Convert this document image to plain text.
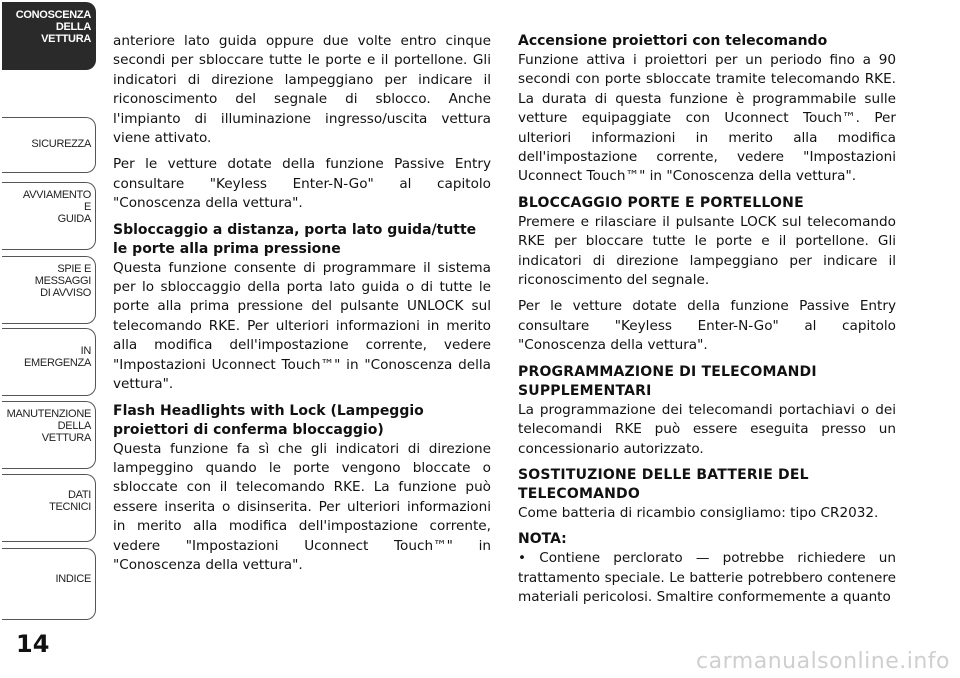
CONOSCENZA
DELLA
VETTURA
SICUREZZA
AVVIAMENTO
E
GUIDA
SPIE E
MESSAGGI
DI AVVISO
IN
EMERGENZA
MANUTENZIONE
DELLA
VETTURA
DATI
TECNICI
INDICE
14

anteriore lato guida oppure due volte entro cinque secondi per sbloccare tutte le porte e il portellone. Gli indicatori di direzione lampeggiano per indicare il riconoscimento del segnale di sblocco. Anche l'impianto di illuminazione ingresso/uscita vettura viene attivato.

Per le vetture dotate della funzione Passive Entry consultare "Keyless Enter-N-Go" al capitolo "Conoscenza della vettura".

Sbloccaggio a distanza, porta lato guida/tutte le porte alla prima pressione

Questa funzione consente di programmare il sistema per lo sbloccaggio della porta lato guida o di tutte le porte alla prima pressione del pulsante UNLOCK sul telecomando RKE. Per ulteriori informazioni in merito alla modifica dell'impostazione corrente, vedere "Impostazioni Uconnect Touch™" in "Conoscenza della vettura".

Flash Headlights with Lock (Lampeggio proiettori di conferma bloccaggio)

Questa funzione fa sì che gli indicatori di direzione lampeggino quando le porte vengono bloccate o sbloccate con il telecomando RKE. La funzione può essere inserita o disinserita. Per ulteriori informazioni in merito alla modifica dell'impostazione corrente, vedere "Impostazioni Uconnect Touch™" in "Conoscenza della vettura".

Accensione proiettori con telecomando

Funzione attiva i proiettori per un periodo fino a 90 secondi con porte sbloccate tramite telecomando RKE. La durata di questa funzione è programmabile sulle vetture equipaggiate con Uconnect Touch™. Per ulteriori informazioni in merito alla modifica dell'impostazione corrente, vedere "Impostazioni Uconnect Touch™" in "Conoscenza della vettura".

BLOCCAGGIO PORTE E PORTELLONE

Premere e rilasciare il pulsante LOCK sul telecomando RKE per bloccare tutte le porte e il portellone. Gli indicatori di direzione lampeggiano per indicare il riconoscimento del segnale.

Per le vetture dotate della funzione Passive Entry consultare "Keyless Enter-N-Go" al capitolo "Conoscenza della vettura".

PROGRAMMAZIONE DI TELECOMANDI SUPPLEMENTARI

La programmazione dei telecomandi portachiavi o dei telecomandi RKE può essere eseguita presso un concessionario autorizzato.

SOSTITUZIONE DELLE BATTERIE DEL TELECOMANDO

Come batteria di ricambio consigliamo: tipo CR2032.

NOTA:

• Contiene perclorato — potrebbe richiedere un trattamento speciale. Le batterie potrebbero contenere materiali pericolosi. Smaltire conformemente a quanto

carmanualsonline.info
